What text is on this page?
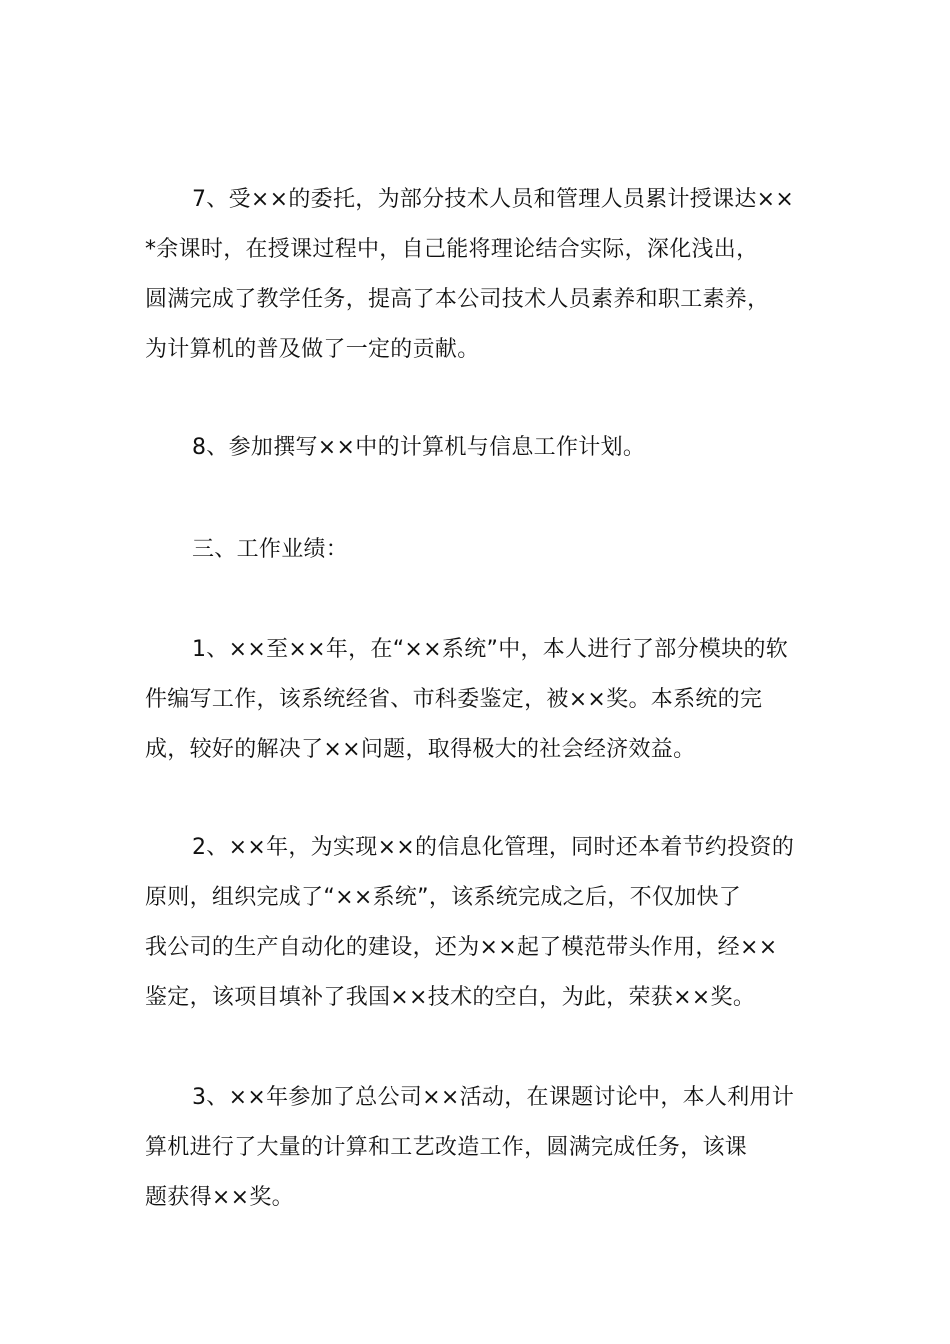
7、受××的委托，为部分技术人员和管理人员累计授课达××
*余课时，在授课过程中，自己能将理论结合实际，深化浅出，
圆满完成了教学任务，提高了本公司技术人员素养和职工素养，
为计算机的普及做了一定的贡献。
8、参加撰写××中的计算机与信息工作计划。
三、工作业绩：
1、××至××年，在“××系统”中，本人进行了部分模块的软
件编写工作，该系统经省、市科委鉴定，被××奖。本系统的完
成，较好的解决了××问题，取得极大的社会经济效益。
2、××年，为实现××的信息化管理，同时还本着节约投资的
原则，组织完成了“××系统”，该系统完成之后，不仅加快了
我公司的生产自动化的建设，还为××起了模范带头作用，经××
鉴定，该项目填补了我国××技术的空白，为此，荣获××奖。
3、××年参加了总公司××活动，在课题讨论中，本人利用计
算机进行了大量的计算和工艺改造工作，圆满完成任务，该课
题获得××奖。
